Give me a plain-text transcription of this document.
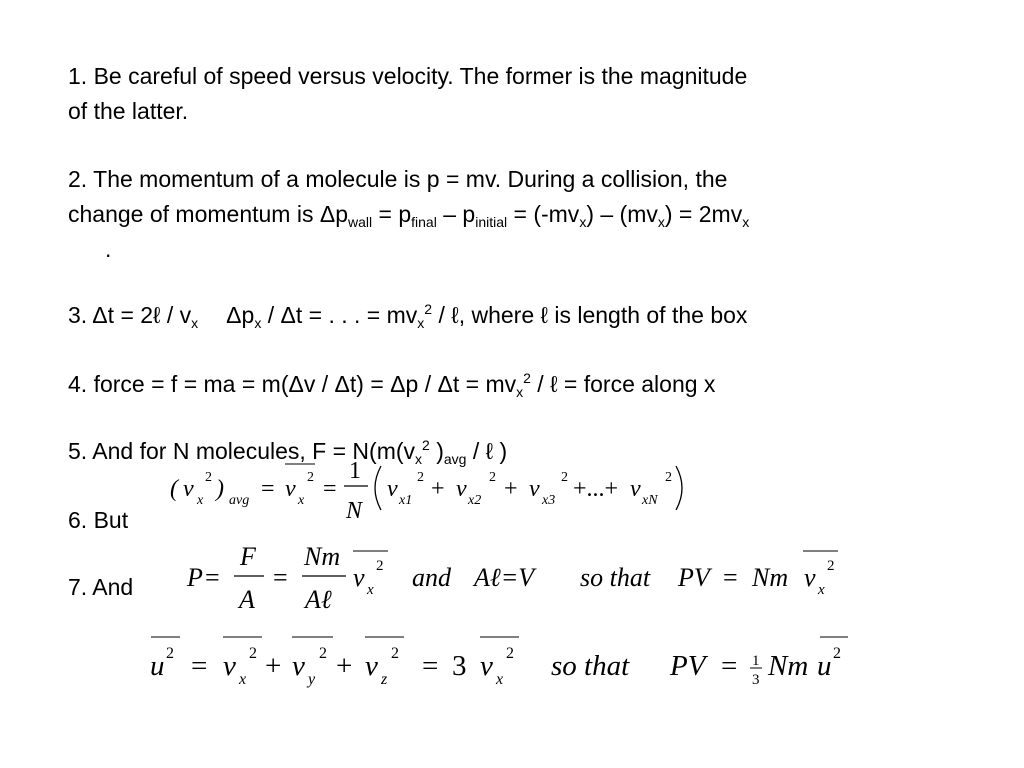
1. Be careful of speed versus velocity. The former is the magnitude
of the latter.
2. The momentum of a molecule is p = mv. During a collision, the
change of momentum is $\Delta p_{wall} = p_{final} - p_{initial} = (-mv_x) - (mv_x) = 2mv_x$
.
3. Δt = 2ℓ / $v_x$ $\Delta p_x$ / Δt = . . . = $mv_x^2$ / ℓ, where ℓ is length of the box
4. force = f = ma = $m(\Delta v / \Delta t) = \Delta p / \Delta t = mv_x^2$ / ℓ = force along x
5. And for N molecules, $F = N(m(v_x^2$ )$_{avg}$ / ℓ )
( v x
2 ) avg = v x
2 =
1
N
v x1
2 + v x2
2 + v x3
2 +...+ v xN
2
6. But
7. And P =
F
A
=
Nm
Aℓ
v x
2 and Aℓ=V so that PV = Nm v x
2
u 2 = v x
2 + v y
2 + v z
2 = 3 v x
2 so that PV = 1
3 Nm u 2
